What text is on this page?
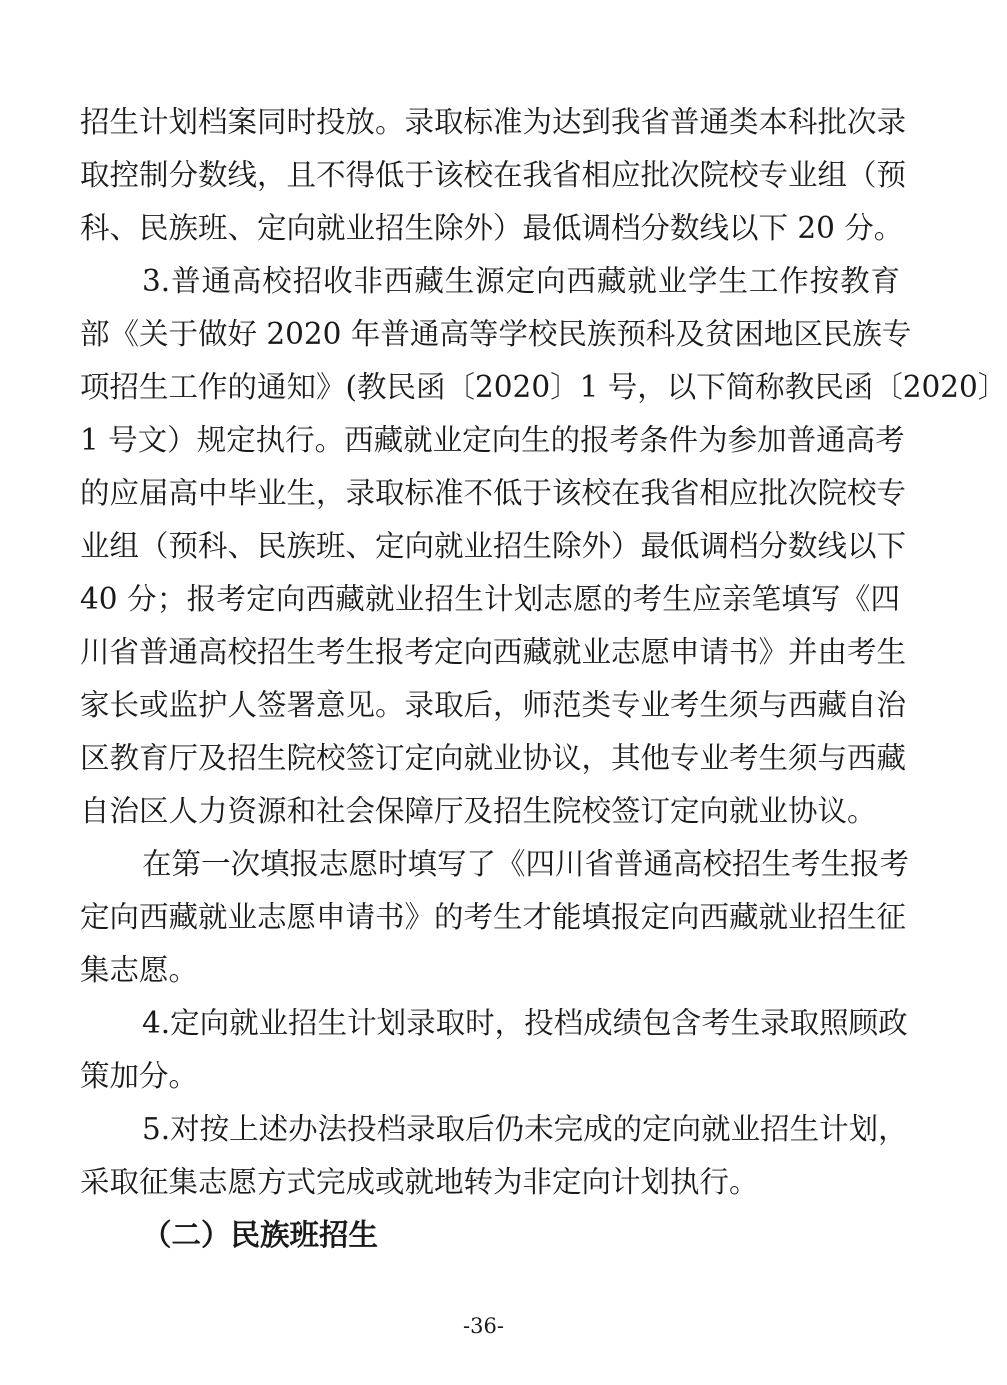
招生计划档案同时投放。录取标准为达到我省普通类本科批次录
取控制分数线，且不得低于该校在我省相应批次院校专业组（预
科、民族班、定向就业招生除外）最低调档分数线以下 20 分。
3.普通高校招收非西藏生源定向西藏就业学生工作按教育
部《关于做好 2020 年普通高等学校民族预科及贫困地区民族专
项招生工作的通知》(教民函〔2020〕1 号，以下简称教民函〔2020〕
1 号文）规定执行。西藏就业定向生的报考条件为参加普通高考
的应届高中毕业生，录取标准不低于该校在我省相应批次院校专
业组（预科、民族班、定向就业招生除外）最低调档分数线以下
40 分；报考定向西藏就业招生计划志愿的考生应亲笔填写《四
川省普通高校招生考生报考定向西藏就业志愿申请书》并由考生
家长或监护人签署意见。录取后，师范类专业考生须与西藏自治
区教育厅及招生院校签订定向就业协议，其他专业考生须与西藏
自治区人力资源和社会保障厅及招生院校签订定向就业协议。
在第一次填报志愿时填写了《四川省普通高校招生考生报考
定向西藏就业志愿申请书》的考生才能填报定向西藏就业招生征
集志愿。
4.定向就业招生计划录取时，投档成绩包含考生录取照顾政
策加分。
5.对按上述办法投档录取后仍未完成的定向就业招生计划，
采取征集志愿方式完成或就地转为非定向计划执行。
（二）民族班招生
-36-
